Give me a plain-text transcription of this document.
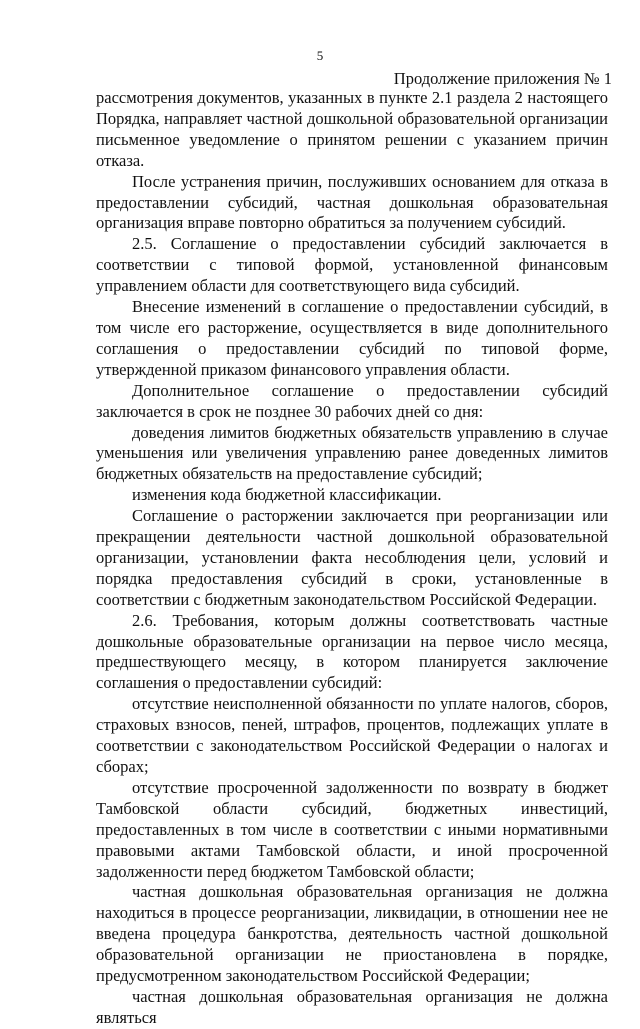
5
Продолжение приложения № 1

рассмотрения документов, указанных в пункте 2.1 раздела 2 настоящего Порядка, направляет частной дошкольной образовательной организации письменное уведомление о принятом решении с указанием причин отказа.

После устранения причин, послуживших основанием для отказа в предоставлении субсидий, частная дошкольная образовательная организация вправе повторно обратиться за получением субсидий.

2.5. Соглашение о предоставлении субсидий заключается в соответствии с типовой формой, установленной финансовым управлением области для соответствующего вида субсидий.

Внесение изменений в соглашение о предоставлении субсидий, в том числе его расторжение, осуществляется в виде дополнительного соглашения о предоставлении субсидий по типовой форме, утвержденной приказом финансового управления области.

Дополнительное соглашение о предоставлении субсидий заключается в срок не позднее 30 рабочих дней со дня:

доведения лимитов бюджетных обязательств управлению в случае уменьшения или увеличения управлению ранее доведенных лимитов бюджетных обязательств на предоставление субсидий;

изменения кода бюджетной классификации.

Соглашение о расторжении заключается при реорганизации или прекращении деятельности частной дошкольной образовательной организации, установлении факта несоблюдения цели, условий и порядка предоставления субсидий в сроки, установленные в соответствии с бюджетным законодательством Российской Федерации.

2.6. Требования, которым должны соответствовать частные дошкольные образовательные организации на первое число месяца, предшествующего месяцу, в котором планируется заключение соглашения о предоставлении субсидий:

отсутствие неисполненной обязанности по уплате налогов, сборов, страховых взносов, пеней, штрафов, процентов, подлежащих уплате в соответствии с законодательством Российской Федерации о налогах и сборах;

отсутствие просроченной задолженности по возврату в бюджет Тамбовской области субсидий, бюджетных инвестиций, предоставленных в том числе в соответствии с иными нормативными правовыми актами Тамбовской области, и иной просроченной задолженности перед бюджетом Тамбовской области;

частная дошкольная образовательная организация не должна находиться в процессе реорганизации, ликвидации, в отношении нее не введена процедура банкротства, деятельность частной дошкольной образовательной организации не приостановлена в порядке, предусмотренном законодательством Российской Федерации;

частная дошкольная образовательная организация не должна являться
